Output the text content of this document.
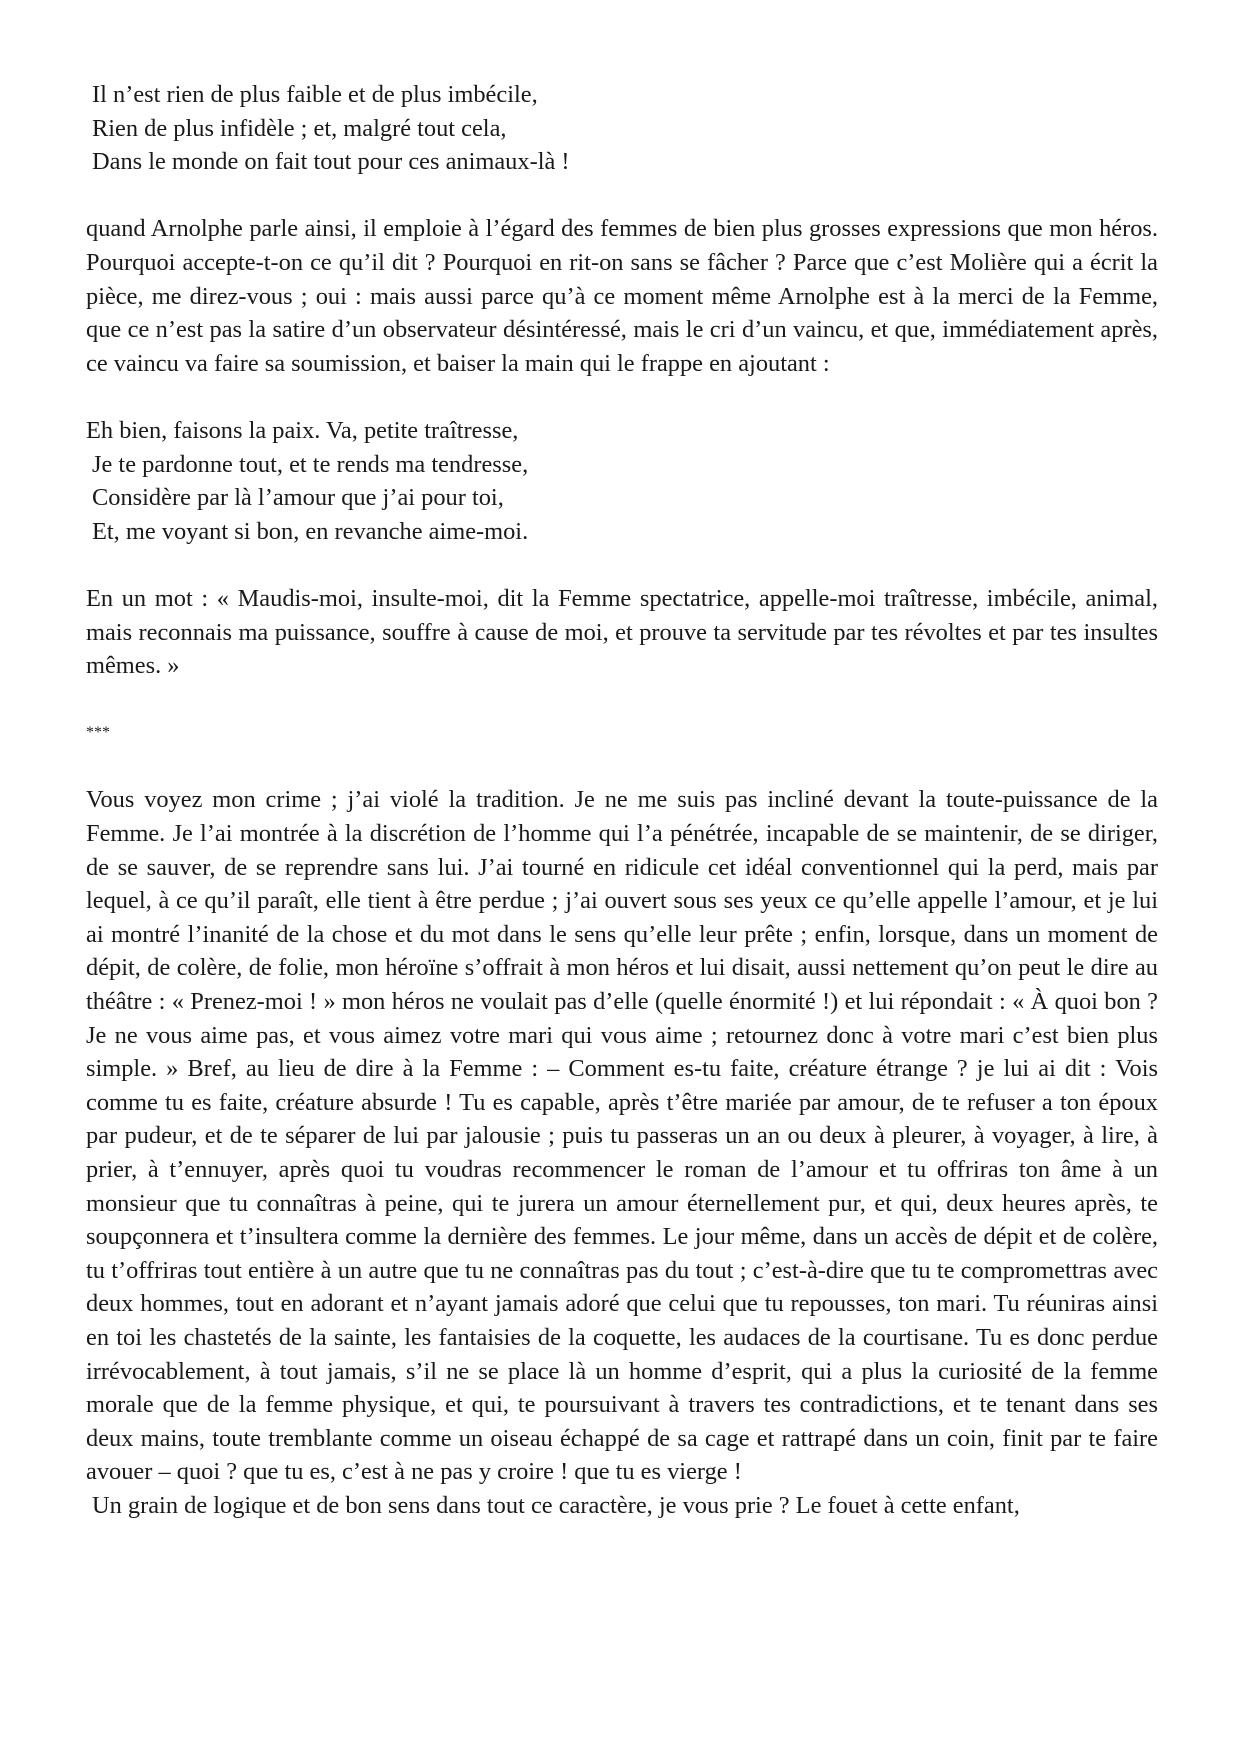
Il n’est rien de plus faible et de plus imbécile,
Rien de plus infidèle ; et, malgré tout cela,
Dans le monde on fait tout pour ces animaux-là !

quand Arnolphe parle ainsi, il emploie à l’égard des femmes de bien plus grosses expressions que mon héros. Pourquoi accepte-t-on ce qu’il dit ? Pourquoi en rit-on sans se fâcher ? Parce que c’est Molière qui a écrit la pièce, me direz-vous ; oui : mais aussi parce qu’à ce moment même Arnolphe est à la merci de la Femme, que ce n’est pas la satire d’un observateur désintéressé, mais le cri d’un vaincu, et que, immédiatement après, ce vaincu va faire sa soumission, et baiser la main qui le frappe en ajoutant :

Eh bien, faisons la paix. Va, petite traîtresse,
Je te pardonne tout, et te rends ma tendresse,
Considère par là l’amour que j’ai pour toi,
Et, me voyant si bon, en revanche aime-moi.

En un mot : « Maudis-moi, insulte-moi, dit la Femme spectatrice, appelle-moi traîtresse, imbécile, animal, mais reconnais ma puissance, souffre à cause de moi, et prouve ta servitude par tes révoltes et par tes insultes mêmes. »

***

Vous voyez mon crime ; j’ai violé la tradition. Je ne me suis pas incliné devant la toute-puissance de la Femme. Je l’ai montrée à la discrétion de l’homme qui l’a pénétrée, incapable de se maintenir, de se diriger, de se sauver, de se reprendre sans lui. J’ai tourné en ridicule cet idéal conventionnel qui la perd, mais par lequel, à ce qu’il paraît, elle tient à être perdue ; j’ai ouvert sous ses yeux ce qu’elle appelle l’amour, et je lui ai montré l’inanité de la chose et du mot dans le sens qu’elle leur prête ; enfin, lorsque, dans un moment de dépit, de colère, de folie, mon héroïne s’offrait à mon héros et lui disait, aussi nettement qu’on peut le dire au théâtre : « Prenez-moi ! » mon héros ne voulait pas d’elle (quelle énormité !) et lui répondait : « À quoi bon ? Je ne vous aime pas, et vous aimez votre mari qui vous aime ; retournez donc à votre mari c’est bien plus simple. » Bref, au lieu de dire à la Femme : – Comment es-tu faite, créature étrange ? je lui ai dit : Vois comme tu es faite, créature absurde ! Tu es capable, après t’être mariée par amour, de te refuser a ton époux par pudeur, et de te séparer de lui par jalousie ; puis tu passeras un an ou deux à pleurer, à voyager, à lire, à prier, à t’ennuyer, après quoi tu voudras recommencer le roman de l’amour et tu offriras ton âme à un monsieur que tu connaîtras à peine, qui te jurera un amour éternellement pur, et qui, deux heures après, te soupçonnera et t’insultera comme la dernière des femmes. Le jour même, dans un accès de dépit et de colère, tu t’offriras tout entière à un autre que tu ne connaîtras pas du tout ; c’est-à-dire que tu te compromettras avec deux hommes, tout en adorant et n’ayant jamais adoré que celui que tu repousses, ton mari. Tu réuniras ainsi en toi les chastetés de la sainte, les fantaisies de la coquette, les audaces de la courtisane. Tu es donc perdue irrévocablement, à tout jamais, s’il ne se place là un homme d’esprit, qui a plus la curiosité de la femme morale que de la femme physique, et qui, te poursuivant à travers tes contradictions, et te tenant dans ses deux mains, toute tremblante comme un oiseau échappé de sa cage et rattrapé dans un coin, finit par te faire avouer – quoi ? que tu es, c’est à ne pas y croire ! que tu es vierge !

Un grain de logique et de bon sens dans tout ce caractère, je vous prie ? Le fouet à cette enfant,
